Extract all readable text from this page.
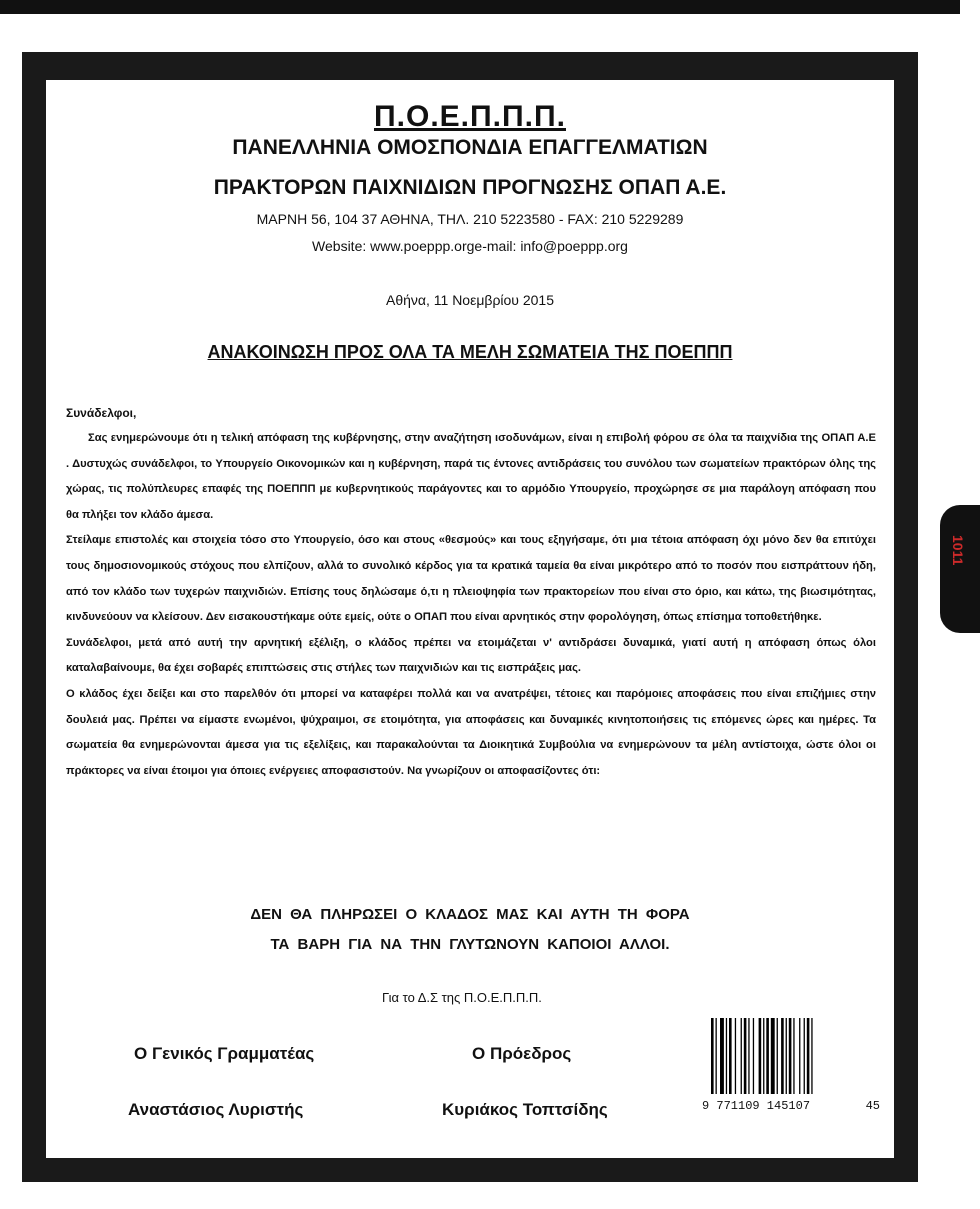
Π.Ο.Ε.Π.Π.Π.
ΠΑΝΕΛΛΗΝΙΑ ΟΜΟΣΠΟΝΔΙΑ ΕΠΑΓΓΕΛΜΑΤΙΩΝ
ΠΡΑΚΤΟΡΩΝ ΠΑΙΧΝΙΔΙΩΝ ΠΡΟΓΝΩΣΗΣ ΟΠΑΠ Α.Ε.
ΜΑΡΝΗ 56, 104 37 ΑΘΗΝΑ, ΤΗΛ. 210 5223580 - FAX: 210 5229289
Website: www.poeppp.orge-mail: info@poeppp.org
Αθήνα, 11 Νοεμβρίου 2015
ΑΝΑΚΟΙΝΩΣΗ ΠΡΟΣ ΟΛΑ ΤΑ ΜΕΛΗ ΣΩΜΑΤΕΙΑ ΤΗΣ ΠΟΕΠΠΠ
Συνάδελφοι,

Σας ενημερώνουμε ότι η τελική απόφαση της κυβέρνησης, στην αναζήτηση ισοδυνάμων, είναι η επιβολή φόρου σε όλα τα παιχνίδια της ΟΠΑΠ Α.Ε . Δυστυχώς συνάδελφοι, το Υπουργείο Οικονομικών και η κυβέρνηση, παρά τις έντονες αντιδράσεις του συνόλου των σωματείων πρακτόρων όλης της χώρας, τις πολύπλευρες επαφές της ΠΟΕΠΠΠ με κυβερνητικούς παράγοντες και το αρμόδιο Υπουργείο, προχώρησε σε μια παράλογη απόφαση που θα πλήξει τον κλάδο άμεσα.

Στείλαμε επιστολές και στοιχεία τόσο στο Υπουργείο, όσο και στους «θεσμούς» και τους εξηγήσαμε, ότι μια τέτοια απόφαση όχι μόνο δεν θα επιτύχει τους δημοσιονομικούς στόχους που ελπίζουν, αλλά το συνολικό κέρδος για τα κρατικά ταμεία θα είναι μικρότερο από το ποσόν που εισπράττουν ήδη, από τον κλάδο των τυχερών παιχνιδιών. Επίσης τους δηλώσαμε ό,τι η πλειοψηφία των πρακτορείων που είναι στο όριο, και κάτω, της βιωσιμότητας, κινδυνεύουν να κλείσουν. Δεν εισακουστήκαμε ούτε εμείς, ούτε ο ΟΠΑΠ που είναι αρνητικός στην φορολόγηση, όπως επίσημα τοποθετήθηκε.

Συνάδελφοι, μετά από αυτή την αρνητική εξέλιξη, ο κλάδος πρέπει να ετοιμάζεται ν' αντιδράσει δυναμικά, γιατί αυτή η απόφαση όπως όλοι καταλαβαίνουμε, θα έχει σοβαρές επιπτώσεις στις στήλες των παιχνιδιών και τις εισπράξεις μας.

Ο κλάδος έχει δείξει και στο παρελθόν ότι μπορεί να καταφέρει πολλά και να ανατρέψει, τέτοιες και παρόμοιες αποφάσεις που είναι επιζήμιες στην δουλειά μας. Πρέπει να είμαστε ενωμένοι, ψύχραιμοι, σε ετοιμότητα, για αποφάσεις και δυναμικές κινητοποιήσεις τις επόμενες ώρες και ημέρες. Τα σωματεία θα ενημερώνονται άμεσα για τις εξελίξεις, και παρακαλούνται τα Διοικητικά Συμβούλια να ενημερώνουν τα μέλη αντίστοιχα, ώστε όλοι οι πράκτορες να είναι έτοιμοι για όποιες ενέργειες αποφασιστούν. Να γνωρίζουν οι αποφασίζοντες ότι:

ΔΕΝ ΘΑ ΠΛΗΡΩΣΕΙ Ο ΚΛΑΔΟΣ ΜΑΣ ΚΑΙ ΑΥΤΗ ΤΗ ΦΟΡΑ
ΤΑ ΒΑΡΗ ΓΙΑ ΝΑ ΤΗΝ ΓΛΥΤΩΝΟΥΝ ΚΑΠΟΙΟΙ ΑΛΛΟΙ.
Για το Δ.Σ της Π.Ο.Ε.Π.Π.Π.
Ο Γενικός Γραμματέας
Αναστάσιος Λυριστής
Ο Πρόεδρος
Κυριάκος Τοπτσίδης	9 771109 145107	45
1011
